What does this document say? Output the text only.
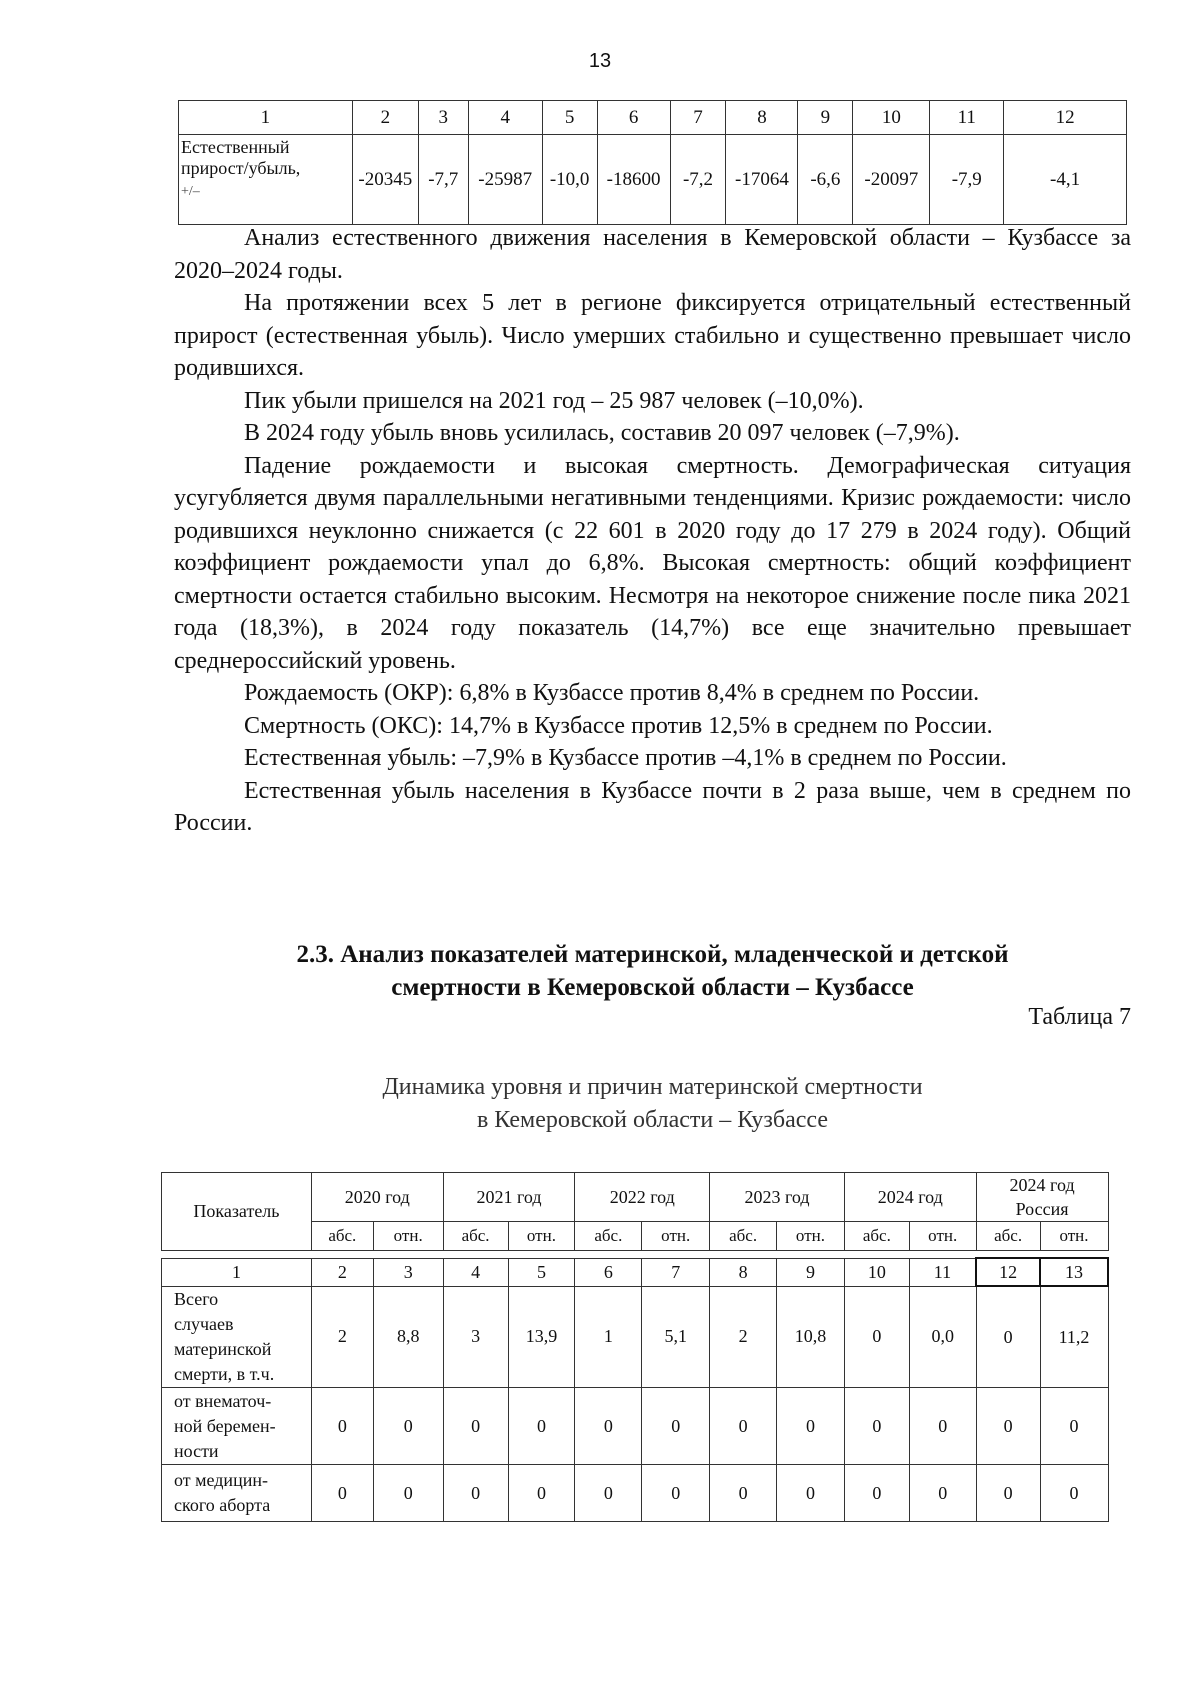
13
1	2	3	4	5	6	7	8	9	10	11	12
Естественный
прирост/убыль,
+/–	-20345	-7,7	-25987	-10,0	-18600	-7,2	-17064	-6,6	-20097	-7,9	-4,1

Анализ естественного движения населения в Кемеровской области – Кузбассе за 2020–2024 годы.

На протяжении всех 5 лет в регионе фиксируется отрицательный естественный прирост (естественная убыль). Число умерших стабильно и существенно превышает число родившихся.

Пик убыли пришелся на 2021 год – 25 987 человек (–10,0%).

В 2024 году убыль вновь усилилась, составив 20 097 человек (–7,9%).

Падение рождаемости и высокая смертность. Демографическая ситуация усугубляется двумя параллельными негативными тенденциями. Кризис рождаемости: число родившихся неуклонно снижается (с 22 601 в 2020 году до 17 279 в 2024 году). Общий коэффициент рождаемости упал до 6,8%. Высокая смертность: общий коэффициент смертности остается стабильно высоким. Несмотря на некоторое снижение после пика 2021 года (18,3%), в 2024 году показатель (14,7%) все еще значительно превышает среднероссийский уровень.

Рождаемость (ОКР): 6,8% в Кузбассе против 8,4% в среднем по России.

Смертность (ОКС): 14,7% в Кузбассе против 12,5% в среднем по России.

Естественная убыль: –7,9% в Кузбассе против –4,1% в среднем по России.

Естественная убыль населения в Кузбассе почти в 2 раза выше, чем в среднем по России.

2.3. Анализ показателей материнской, младенческой и детской
смертности в Кемеровской области – Кузбассе
Таблица 7
Динамика уровня и причин материнской смертности
в Кемеровской области – Кузбассе
Показатель	2020 год		2021 год		2022 год		2023 год		2024 год		2024 год
Россия	
	абс.	отн.	абс.	отн.	абс.	отн.	абс.	отн.	абс.	отн.	абс.	отн.

1	2	3	4	5	6	7	8	9	10	11	12	13
Всего
случаев
материнской
смерти, в т.ч.	2	8,8	3	13,9	1	5,1	2	10,8	0	0,0	0	11,2
от внематоч-
ной беремен-
ности	0	0	0	0	0	0	0	0	0	0	0	0
от медицин-
ского аборта	0	0	0	0	0	0	0	0	0	0	0	0
